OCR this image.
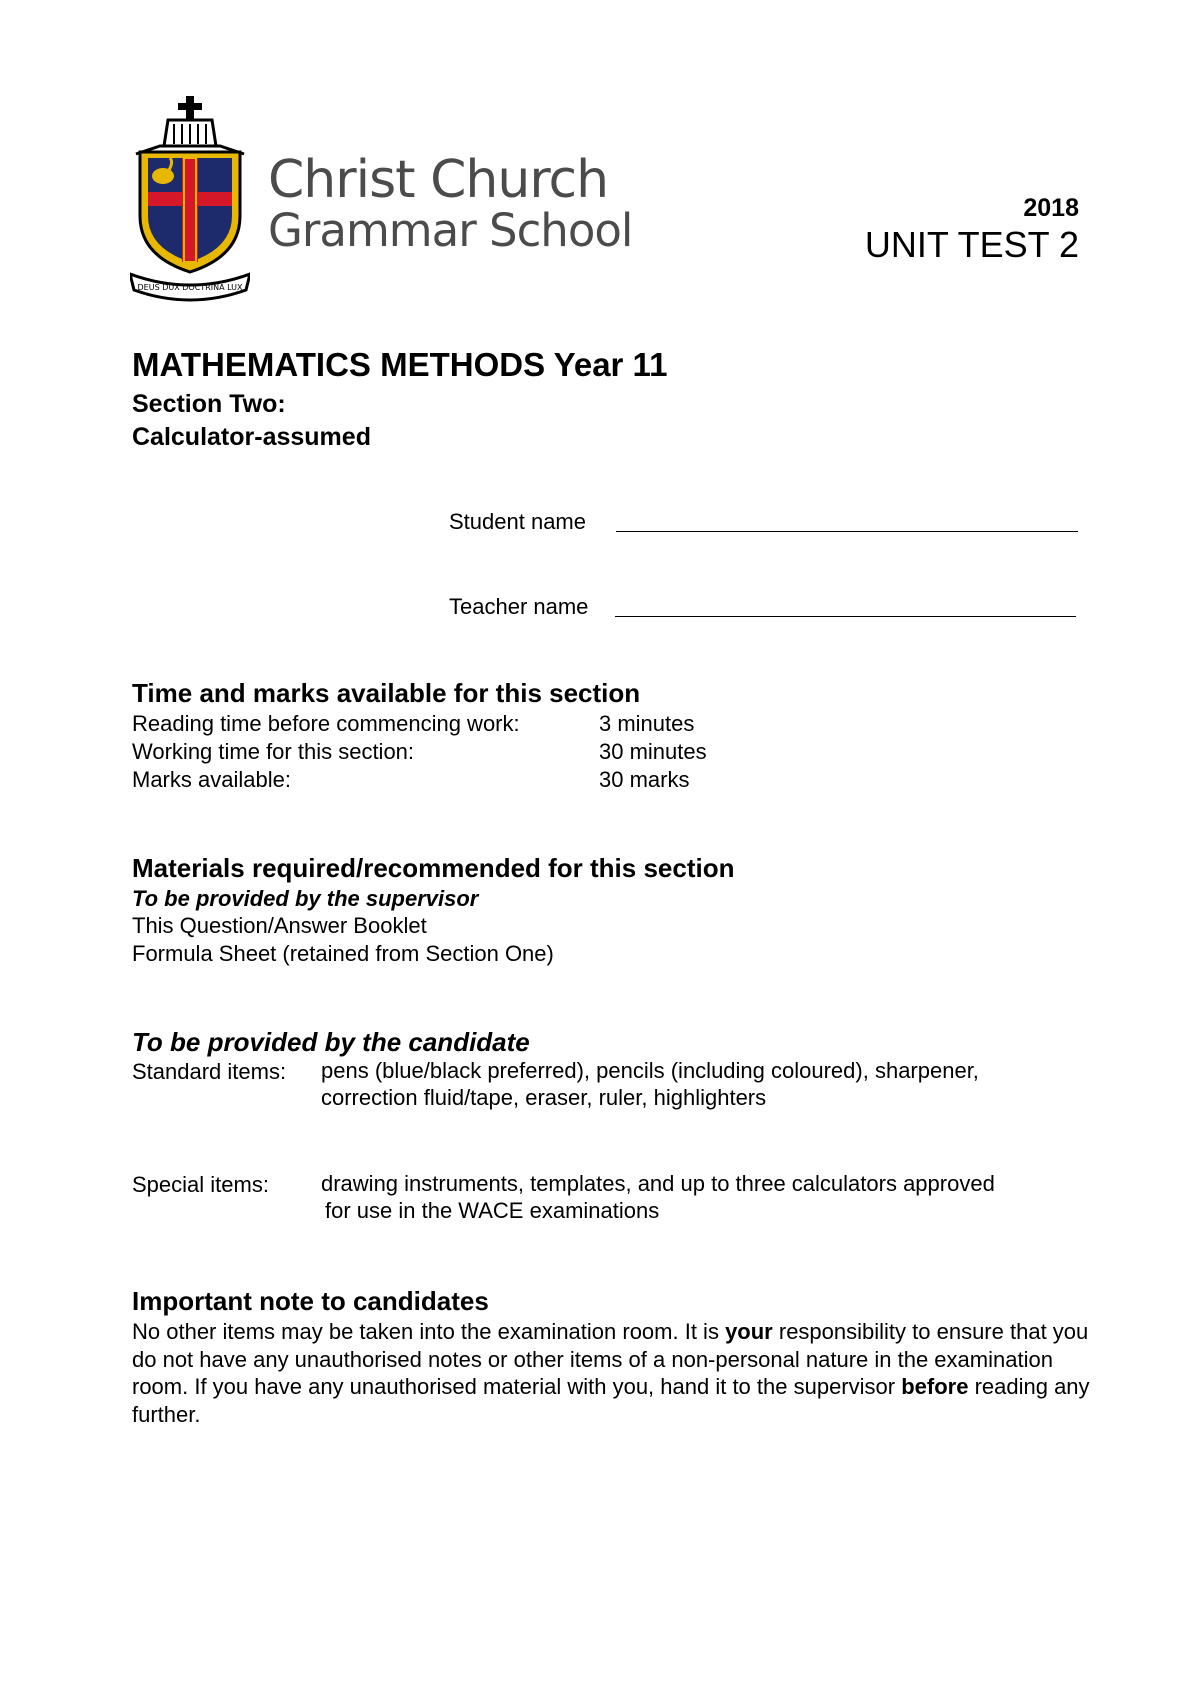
DEUS DUX DOCTRINA LUX
Christ Church
Grammar School	2018
UNIT TEST 2
MATHEMATICS METHODS Year 11
Section Two:
Calculator-assumed
Student name
Teacher name
Time and marks available for this section
Reading time before commencing work:	3 minutes
Working time for this section:	30 minutes
Marks available:	30 marks
Materials required/recommended for this section
To be provided by the supervisor
This Question/Answer Booklet
Formula Sheet (retained from Section One)
To be provided by the candidate
Standard items: pens (blue/black preferred), pencils (including coloured), sharpener,
correction fluid/tape, eraser, ruler, highlighters
Special items: drawing instruments, templates, and up to three calculators approved
for use in the WACE examinations
Important note to candidates
No other items may be taken into the examination room. It is your responsibility to ensure that you do not have any unauthorised notes or other items of a non-personal nature in the examination room. If you have any unauthorised material with you, hand it to the supervisor before reading any further.
